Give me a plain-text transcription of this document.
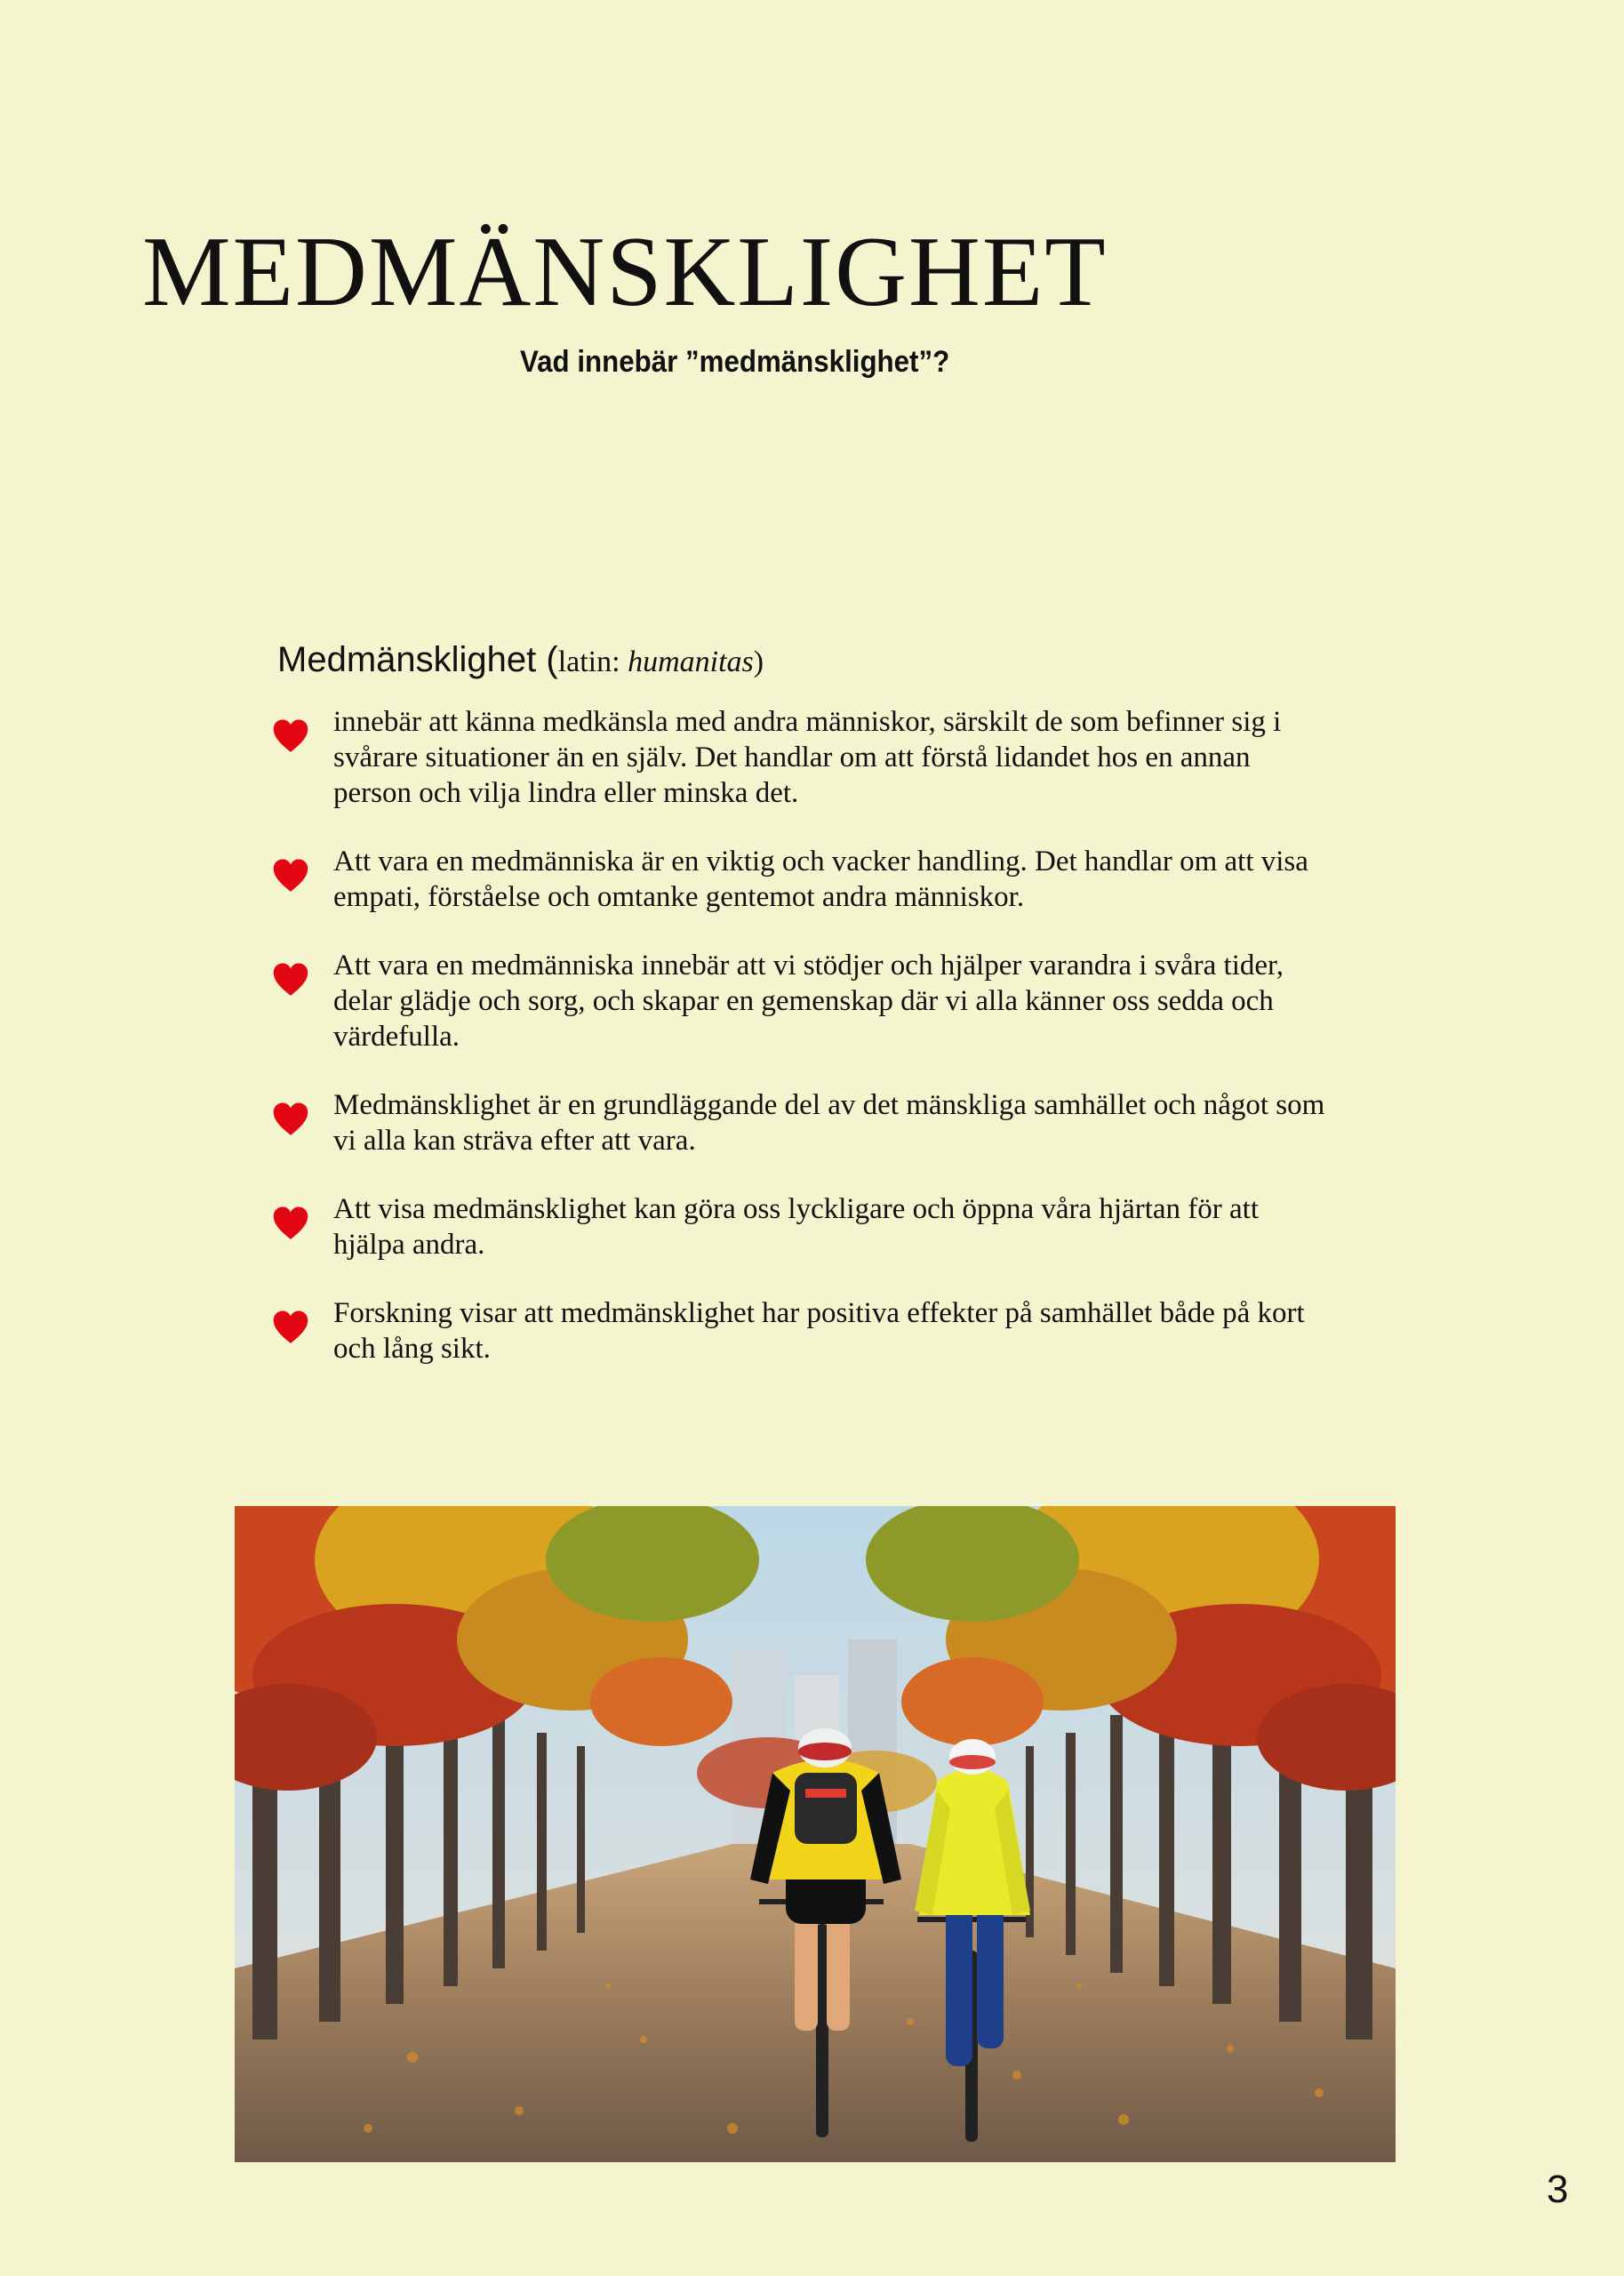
MEDMÄNSKLIGHET
Vad innebär ”medmänsklighet”?
Medmänsklighet (latin: humanitas)
innebär att känna medkänsla med andra människor, särskilt de som befinner sig i svårare situationer än en själv. Det handlar om att förstå lidandet hos en annan person och vilja lindra eller minska det.
Att vara en medmänniska är en viktig och vacker handling. Det handlar om att visa empati, förståelse och omtanke gentemot andra människor.
Att vara en medmänniska innebär att vi stödjer och hjälper varandra i svåra tider, delar glädje och sorg, och skapar en gemenskap där vi alla känner oss sedda och värdefulla.
Medmänsklighet är en grundläggande del av det mänskliga samhället och något som vi alla kan sträva efter att vara.
Att visa medmänsklighet kan göra oss lyckligare och öppna våra hjärtan för att hjälpa andra.
Forskning visar att medmänsklighet har positiva effekter på samhället både på kort och lång sikt.
3
